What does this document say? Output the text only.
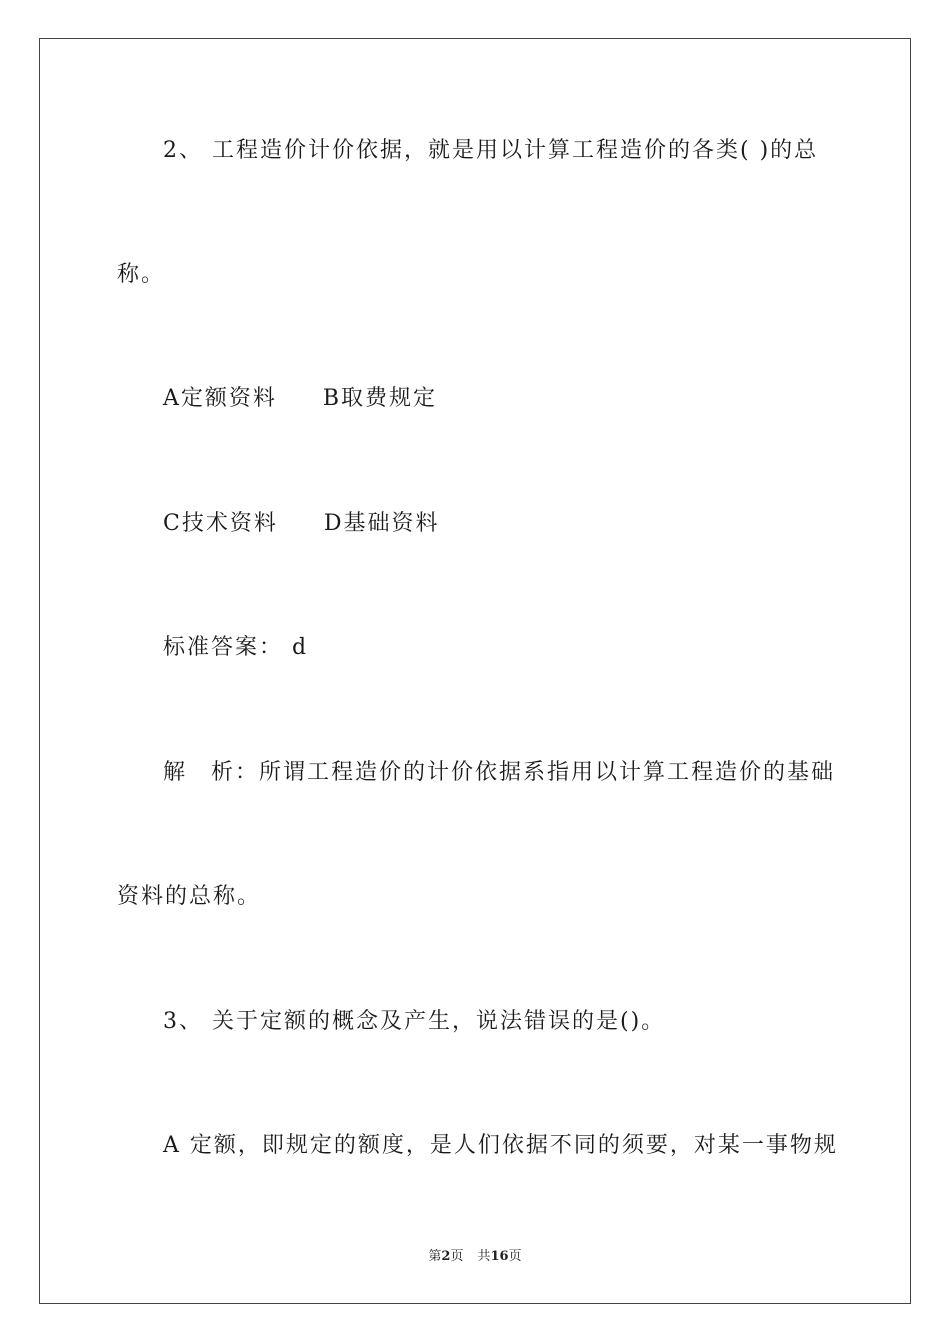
2、 工程造价计价依据，就是用以计算工程造价的各类( )的总
称。
A定额资料 B取费规定
C技术资料 D基础资料
标准答案： d
解　析：所谓工程造价的计价依据系指用以计算工程造价的基础
资料的总称。
3、 关于定额的概念及产生，说法错误的是()。
A 定额，即规定的额度，是人们依据不同的须要，对某一事物规
第2页 共16页
